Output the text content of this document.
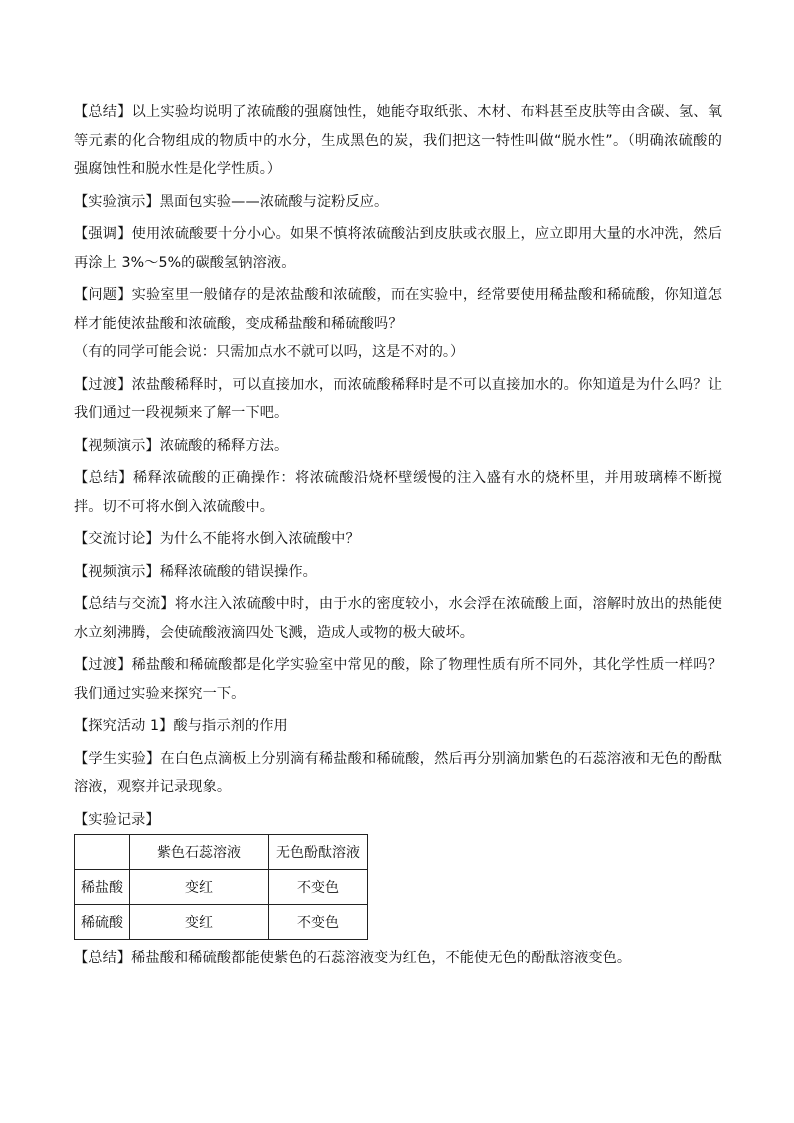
【总结】以上实验均说明了浓硫酸的强腐蚀性，她能夺取纸张、木材、布料甚至皮肤等由含碳、氢、氧等元素的化合物组成的物质中的水分，生成黑色的炭，我们把这一特性叫做“脱水性”。（明确浓硫酸的强腐蚀性和脱水性是化学性质。）

【实验演示】黑面包实验——浓硫酸与淀粉反应。

【强调】使用浓硫酸要十分小心。如果不慎将浓硫酸沾到皮肤或衣服上，应立即用大量的水冲洗，然后再涂上 3%～5%的碳酸氢钠溶液。

【问题】实验室里一般储存的是浓盐酸和浓硫酸，而在实验中，经常要使用稀盐酸和稀硫酸，你知道怎样才能使浓盐酸和浓硫酸，变成稀盐酸和稀硫酸吗？

（有的同学可能会说：只需加点水不就可以吗，这是不对的。）

【过渡】浓盐酸稀释时，可以直接加水，而浓硫酸稀释时是不可以直接加水的。你知道是为什么吗？让我们通过一段视频来了解一下吧。

【视频演示】浓硫酸的稀释方法。

【总结】稀释浓硫酸的正确操作：将浓硫酸沿烧杯壁缓慢的注入盛有水的烧杯里，并用玻璃棒不断搅拌。切不可将水倒入浓硫酸中。

【交流讨论】为什么不能将水倒入浓硫酸中？

【视频演示】稀释浓硫酸的错误操作。

【总结与交流】将水注入浓硫酸中时，由于水的密度较小，水会浮在浓硫酸上面，溶解时放出的热能使水立刻沸腾，会使硫酸液滴四处飞溅，造成人或物的极大破坏。

【过渡】稀盐酸和稀硫酸都是化学实验室中常见的酸，除了物理性质有所不同外，其化学性质一样吗？我们通过实验来探究一下。

【探究活动 1】酸与指示剂的作用

【学生实验】在白色点滴板上分别滴有稀盐酸和稀硫酸，然后再分别滴加紫色的石蕊溶液和无色的酚酞溶液，观察并记录现象。

【实验记录】

	紫色石蕊溶液	无色酚酞溶液
稀盐酸	变红	不变色
稀硫酸	变红	不变色

【总结】稀盐酸和稀硫酸都能使紫色的石蕊溶液变为红色，不能使无色的酚酞溶液变色。
